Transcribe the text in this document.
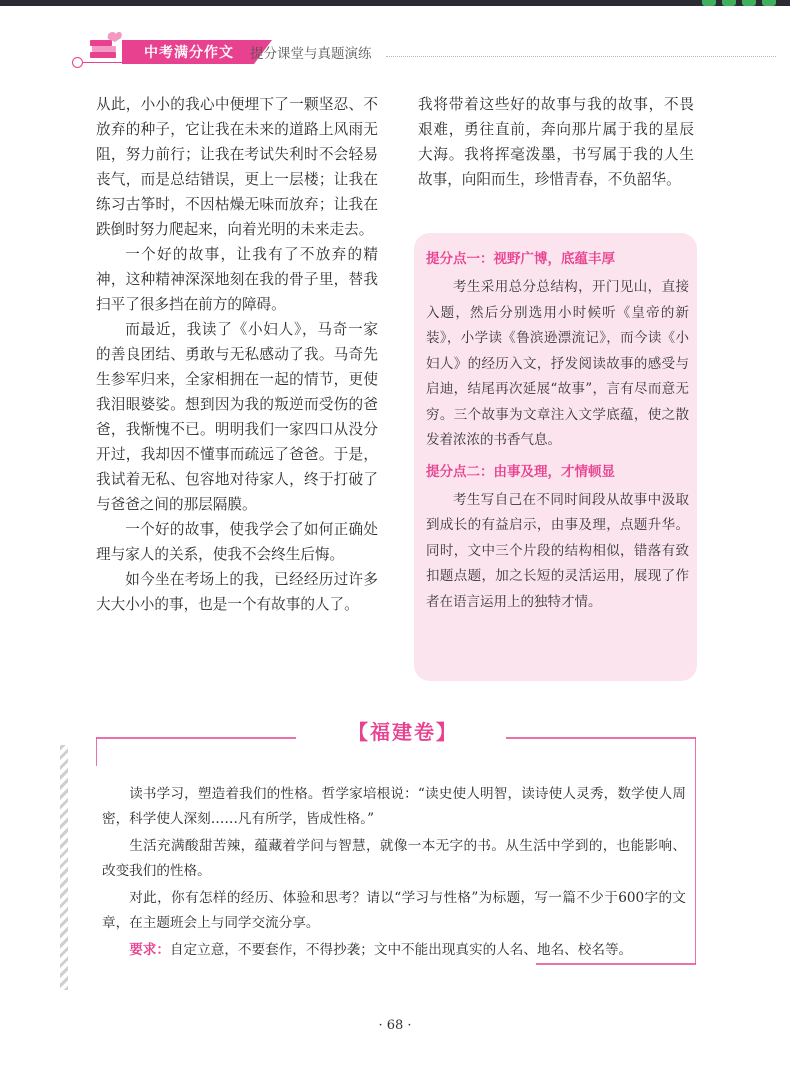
中考满分作文 提分课堂与真题演练

从此，小小的我心中便埋下了一颗坚忍、不放弃的种子，它让我在未来的道路上风雨无阻，努力前行；让我在考试失利时不会轻易丧气，而是总结错误，更上一层楼；让我在练习古筝时，不因枯燥无味而放弃；让我在跌倒时努力爬起来，向着光明的未来走去。

一个好的故事，让我有了不放弃的精神，这种精神深深地刻在我的骨子里，替我扫平了很多挡在前方的障碍。

而最近，我读了《小妇人》，马奇一家的善良团结、勇敢与无私感动了我。马奇先生参军归来，全家相拥在一起的情节，更使我泪眼婆娑。想到因为我的叛逆而受伤的爸爸，我惭愧不已。明明我们一家四口从没分开过，我却因不懂事而疏远了爸爸。于是，我试着无私、包容地对待家人，终于打破了与爸爸之间的那层隔膜。

一个好的故事，使我学会了如何正确处理与家人的关系，使我不会终生后悔。

如今坐在考场上的我，已经经历过许多大大小小的事，也是一个有故事的人了。

我将带着这些好的故事与我的故事，不畏艰难，勇往直前，奔向那片属于我的星辰大海。我将挥毫泼墨，书写属于我的人生故事，向阳而生，珍惜青春，不负韶华。

提分点一：视野广博，底蕴丰厚
考生采用总分总结构，开门见山，直接入题，然后分别选用小时候听《皇帝的新装》，小学读《鲁滨逊漂流记》，而今读《小妇人》的经历入文，抒发阅读故事的感受与启迪，结尾再次延展“故事”，言有尽而意无穷。三个故事为文章注入文学底蕴，使之散发着浓浓的书香气息。
提分点二：由事及理，才情顿显
考生写自己在不同时间段从故事中汲取到成长的有益启示，由事及理，点题升华。同时，文中三个片段的结构相似，错落有致扣题点题，加之长短的灵活运用，展现了作者在语言运用上的独特才情。
【福建卷】

读书学习，塑造着我们的性格。哲学家培根说：“读史使人明智，读诗使人灵秀，数学使人周密，科学使人深刻……凡有所学，皆成性格。”

生活充满酸甜苦辣，蕴藏着学问与智慧，就像一本无字的书。从生活中学到的，也能影响、改变我们的性格。

对此，你有怎样的经历、体验和思考？请以“学习与性格”为标题，写一篇不少于600字的文章，在主题班会上与同学交流分享。

要求：自定立意，不要套作，不得抄袭；文中不能出现真实的人名、地名、校名等。

· 68 ·
